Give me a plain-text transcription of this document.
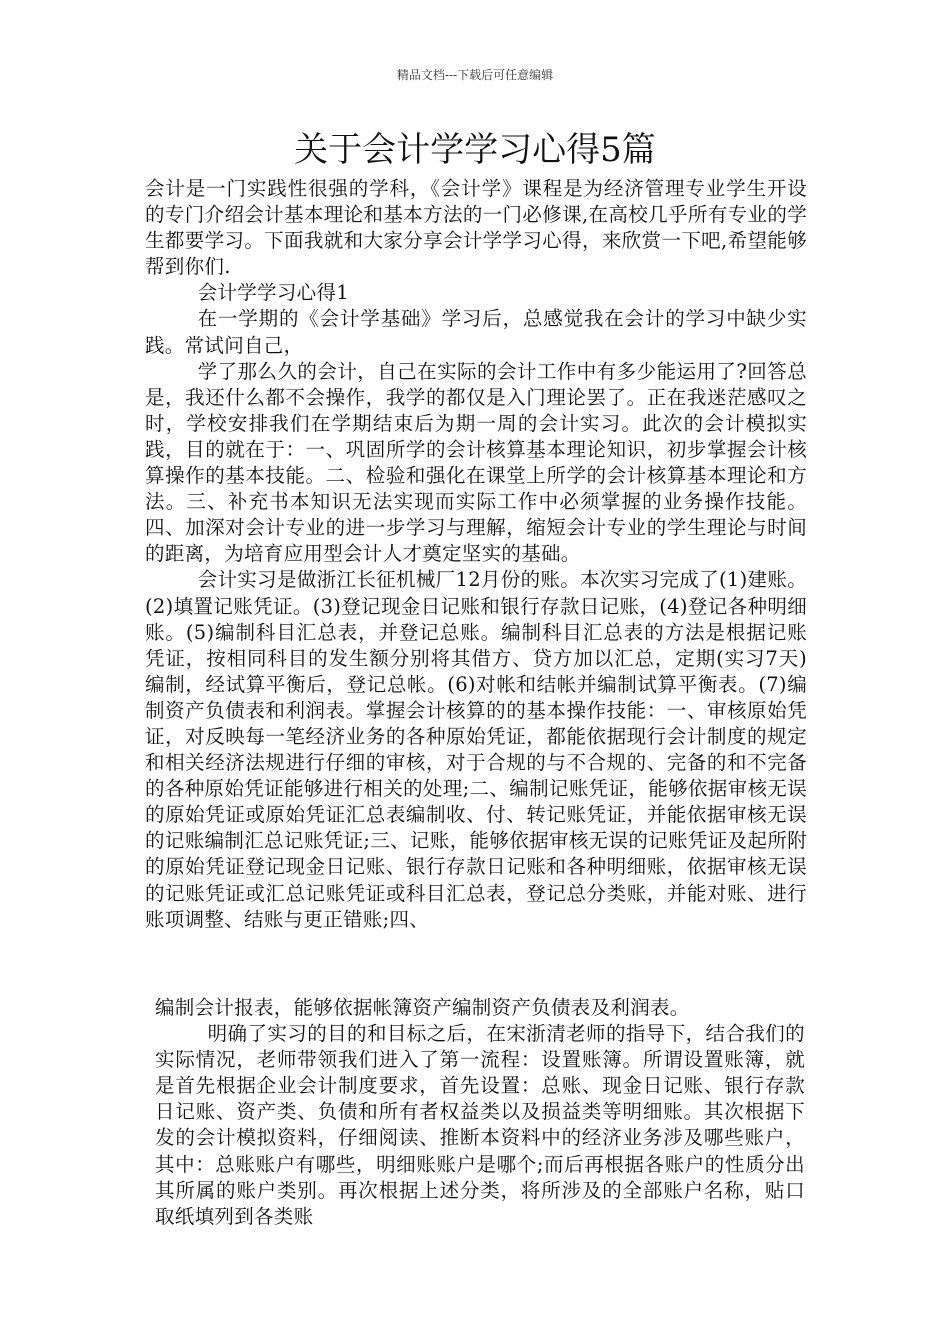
精品文档---下载后可任意编辑
关于会计学学习心得5篇

会计是一门实践性很强的学科，《会计学》课程是为经济管理专业学生开设的专门介绍会计基本理论和基本方法的一门必修课,在高校几乎所有专业的学生都要学习。下面我就和大家分享会计学学习心得，来欣赏一下吧,希望能够帮到你们.

会计学学习心得1

在一学期的《会计学基础》学习后，总感觉我在会计的学习中缺少实践。常试问自己，

学了那么久的会计，自己在实际的会计工作中有多少能运用了?回答总是，我还什么都不会操作，我学的都仅是入门理论罢了。正在我迷茫感叹之时，学校安排我们在学期结束后为期一周的会计实习。此次的会计模拟实践，目的就在于：一、巩固所学的会计核算基本理论知识，初步掌握会计核算操作的基本技能。二、检验和强化在课堂上所学的会计核算基本理论和方法。三、补充书本知识无法实现而实际工作中必须掌握的业务操作技能。四、加深对会计专业的进一步学习与理解，缩短会计专业的学生理论与时间的距离，为培育应用型会计人才奠定坚实的基础。

会计实习是做浙江长征机械厂12月份的账。本次实习完成了(1)建账。(2)填置记账凭证。(3)登记现金日记账和银行存款日记账，(4)登记各种明细账。(5)编制科目汇总表，并登记总账。编制科目汇总表的方法是根据记账凭证，按相同科目的发生额分别将其借方、贷方加以汇总，定期(实习7天)编制，经试算平衡后，登记总帐。(6)对帐和结帐并编制试算平衡表。(7)编制资产负债表和利润表。掌握会计核算的的基本操作技能：一、审核原始凭证，对反映每一笔经济业务的各种原始凭证，都能依据现行会计制度的规定和相关经济法规进行仔细的审核，对于合规的与不合规的、完备的和不完备的各种原始凭证能够进行相关的处理;二、编制记账凭证，能够依据审核无误的原始凭证或原始凭证汇总表编制收、付、转记账凭证，并能依据审核无误的记账编制汇总记账凭证;三、记账，能够依据审核无误的记账凭证及起所附的原始凭证登记现金日记账、银行存款日记账和各种明细账，依据审核无误的记账凭证或汇总记账凭证或科目汇总表，登记总分类账，并能对账、进行账项调整、结账与更正错账;四、

编制会计报表，能够依据帐簿资产编制资产负债表及利润表。

明确了实习的目的和目标之后，在宋浙清老师的指导下，结合我们的实际情况，老师带领我们进入了第一流程：设置账簿。所谓设置账簿，就是首先根据企业会计制度要求，首先设置：总账、现金日记账、银行存款日记账、资产类、负债和所有者权益类以及损益类等明细账。其次根据下发的会计模拟资料，仔细阅读、推断本资料中的经济业务涉及哪些账户，其中：总账账户有哪些，明细账账户是哪个;而后再根据各账户的性质分出其所属的账户类别。再次根据上述分类，将所涉及的全部账户名称，贴口取纸填列到各类账
